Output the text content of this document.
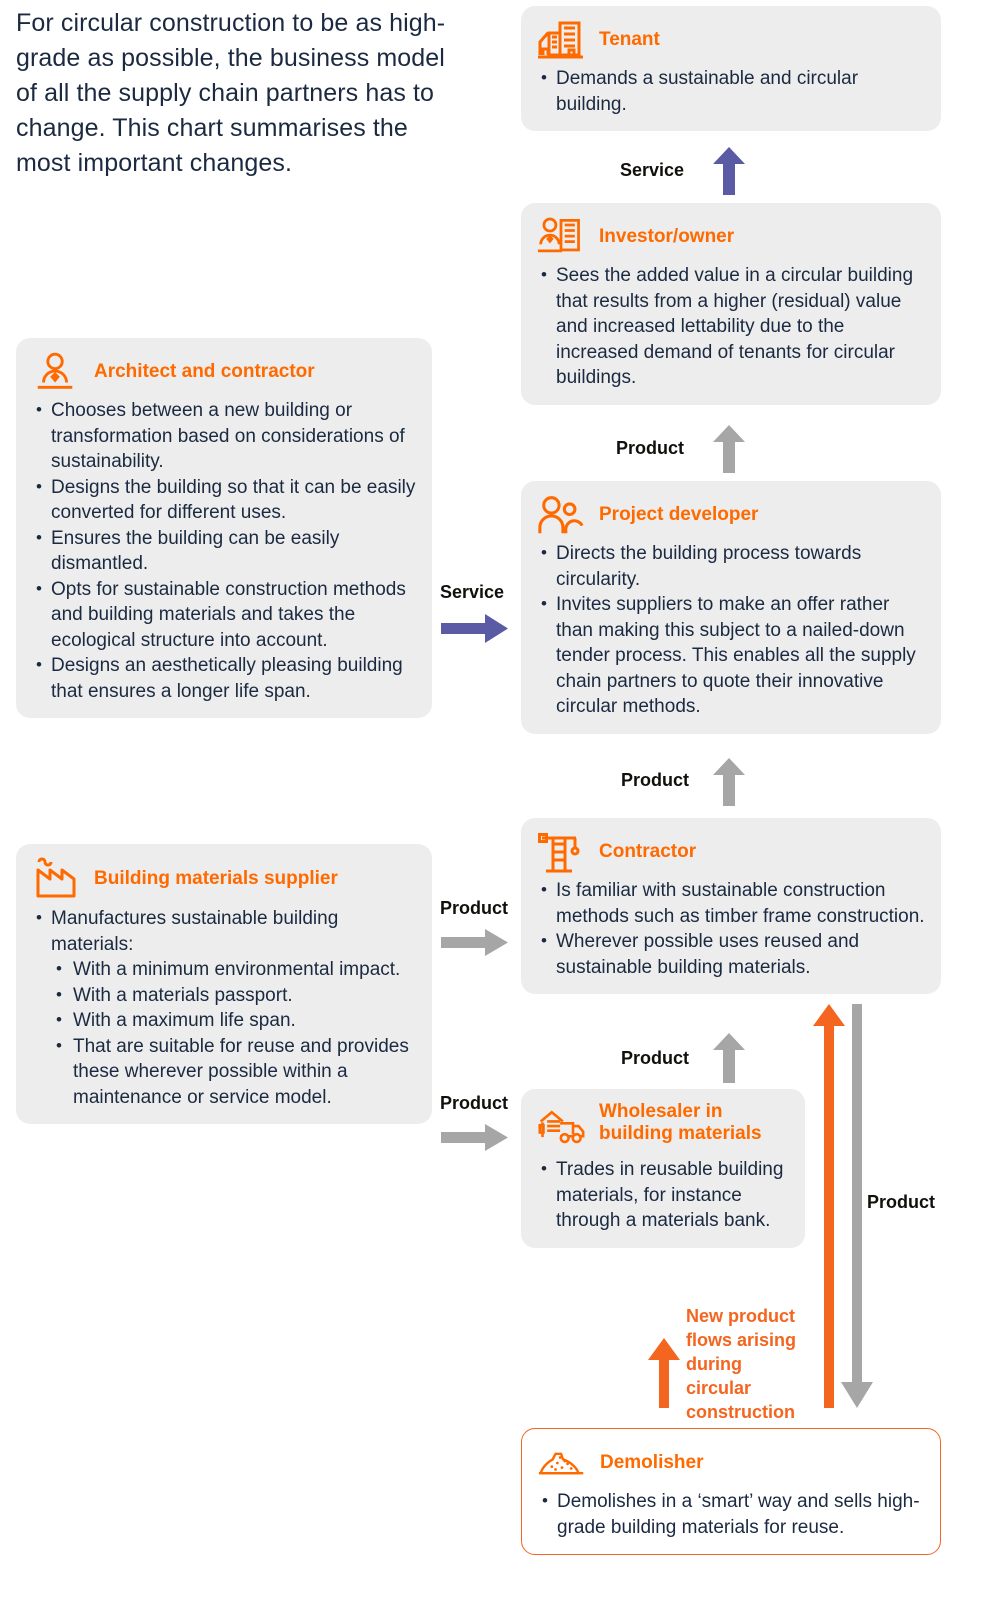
For circular construction to be as high-grade as possible, the business model of all the supply chain partners has to change. This chart summarises the most important changes.
Tenant
• Demands a sustainable and circular building.
Service
Investor/owner
• Sees the added value in a circular building that results from a higher (residual) value and increased lettability due to the increased demand of tenants for circular buildings.
Product
Project developer
• Directs the building process towards circularity.
• Invites suppliers to make an offer rather than making this subject to a nailed-down tender process. This enables all the supply chain partners to quote their innovative circular methods.
Architect and contractor
• Chooses between a new building or transformation based on considerations of sustainability.
• Designs the building so that it can be easily converted for different uses.
• Ensures the building can be easily dismantled.
• Opts for sustainable construction methods and building materials and takes the ecological structure into account.
• Designs an aesthetically pleasing building that ensures a longer life span.
Service
Product
Contractor
• Is familiar with sustainable construction methods such as timber frame construction.
• Wherever possible uses reused and sustainable building materials.
Building materials supplier
• Manufactures sustainable building materials:
• With a minimum environmental impact.
• With a materials passport.
• With a maximum life span.
• That are suitable for reuse and provides these wherever possible within a maintenance or service model.
Product
Product
Product
Wholesaler in building materials
• Trades in reusable building materials, for instance through a materials bank.
Product
New product flows arising during circular construction
Demolisher
• Demolishes in a ‘smart’ way and sells high-grade building materials for reuse.
